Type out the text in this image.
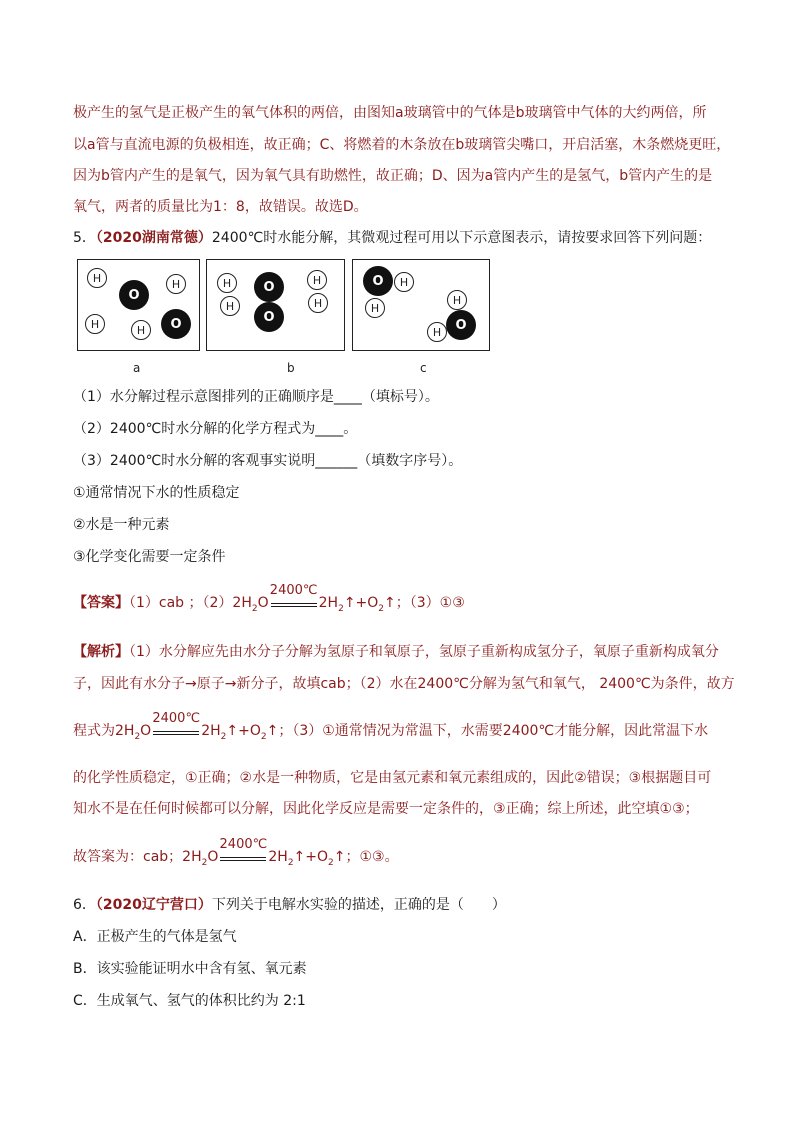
极产生的氢气是正极产生的氧气体积的两倍，由图知a玻璃管中的气体是b玻璃管中气体的大约两倍，所
以a管与直流电源的负极相连，故正确；C、将燃着的木条放在b玻璃管尖嘴口，开启活塞，木条燃烧更旺，
因为b管内产生的是氧气，因为氧气具有助燃性，故正确；D、因为a管内产生的是氢气，b管内产生的是
氧气，两者的质量比为1：8，故错误。故选D。
5．（2020湖南常德）2400℃时水能分解，其微观过程可用以下示意图表示，请按要求回答下列问题：
H
O
H
H	H	O
a
H
H
O
O
H
H
b
O	H
H
H
H	O
c
（1）水分解过程示意图排列的正确顺序是____（填标号）。
（2）2400℃时水分解的化学方程式为____。
（3）2400℃时水分解的客观事实说明______（填数字序号）。
①通常情况下水的性质稳定
②水是一种元素
③化学变化需要一定条件
【答案】（1）cab ；$(2)2H_2O$
2400℃
$2H_2↑+O_2↑$；（3）①③
【解析】（1）水分解应先由水分子分解为氢原子和氧原子，氢原子重新构成氢分子，氧原子重新构成氧分
子，因此有水分子→原子→新分子，故填cab；（2）水在2400℃分解为氢气和氧气， 2400℃为条件，故方
程式为$2H_2O$
2400℃
$2H_2↑+O_2↑$；（3）①通常情况为常温下，水需要2400℃才能分解，因此常温下水
的化学性质稳定，①正确；②水是一种物质，它是由氢元素和氧元素组成的，因此②错误；③根据题目可
知水不是在任何时候都可以分解，因此化学反应是需要一定条件的，③正确；综上所述，此空填①③；
故答案为：cab；$2H_2O$
2400℃
$2H_2↑+O_2↑$；①③。
6．（2020辽宁营口）下列关于电解水实验的描述，正确的是（　　）
A．正极产生的气体是氢气
B．该实验能证明水中含有氢、氧元素
C．生成氧气、氢气的体积比约为 2:1
